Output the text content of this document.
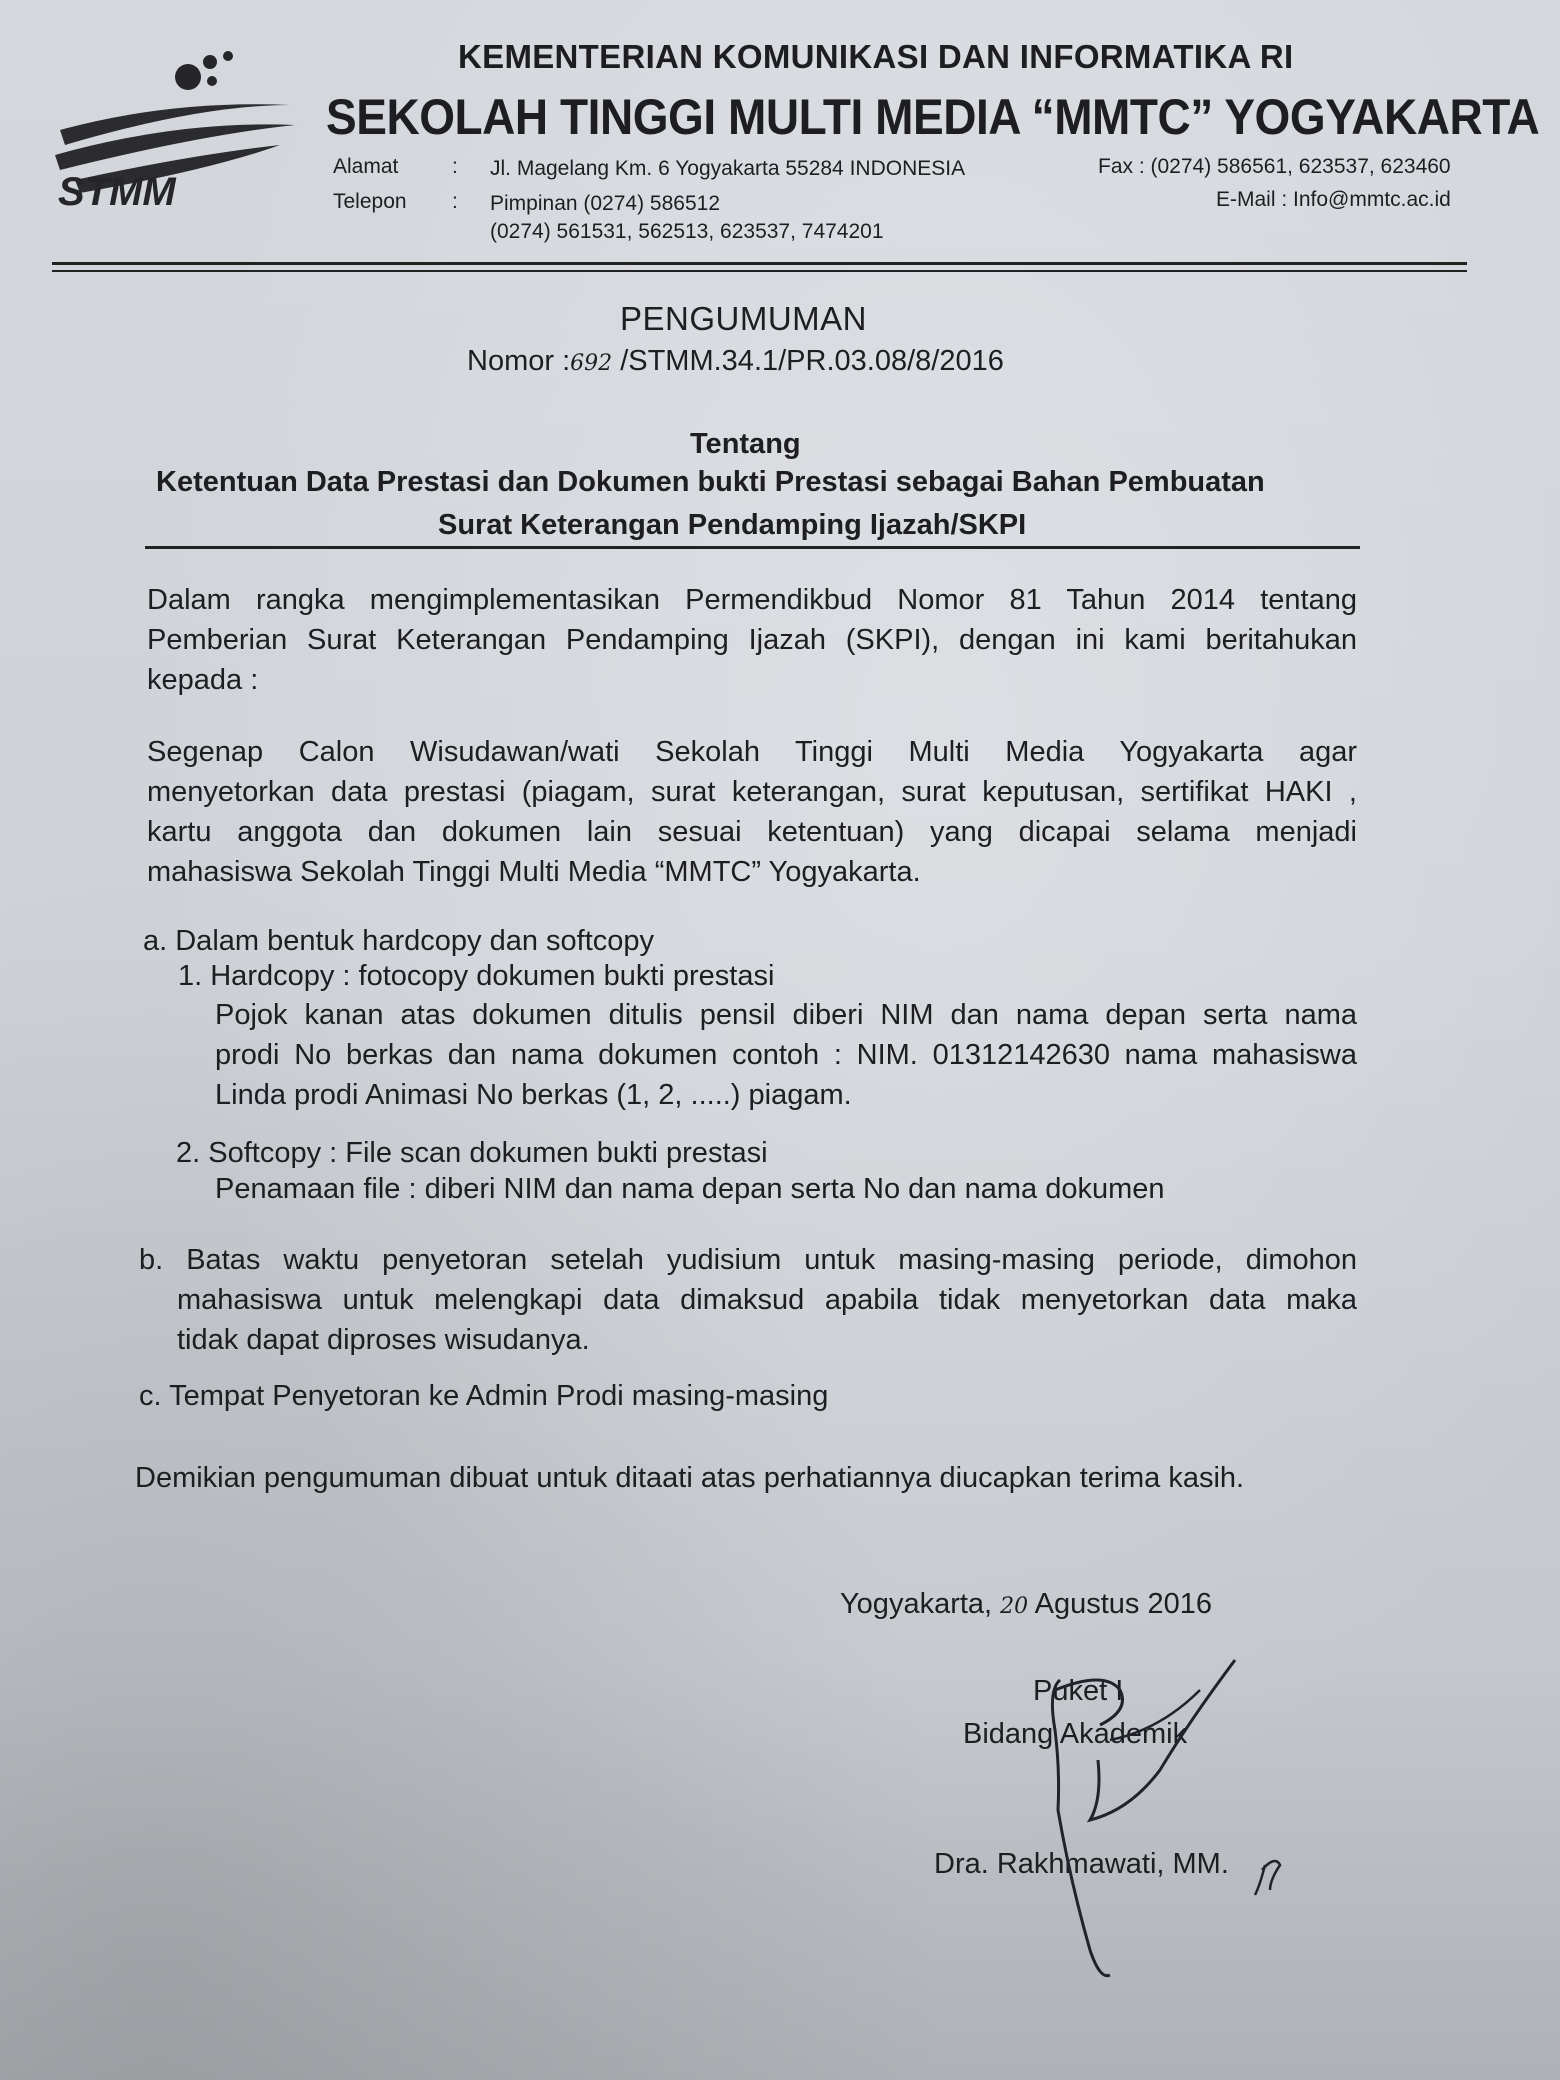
STMM
KEMENTERIAN KOMUNIKASI DAN INFORMATIKA RI
SEKOLAH TINGGI MULTI MEDIA “MMTC” YOGYAKARTA
Alamat	: Jl. Magelang Km. 6 Yogyakarta 55284 INDONESIA
Telepon : Pimpinan (0274) 586512
(0274) 561531, 562513, 623537, 7474201
Fax : (0274) 586561, 623537, 623460
E-Mail : Info@mmtc.ac.id
PENGUMUMAN
Nomor :692 /STMM.34.1/PR.03.08/8/2016
Tentang
Ketentuan Data Prestasi dan Dokumen bukti Prestasi sebagai Bahan Pembuatan
Surat Keterangan Pendamping Ijazah/SKPI
Dalam rangka mengimplementasikan Permendikbud Nomor 81 Tahun 2014 tentang
Pemberian Surat Keterangan Pendamping Ijazah (SKPI), dengan ini kami beritahukan
kepada :
Segenap Calon Wisudawan/wati Sekolah Tinggi Multi Media Yogyakarta agar
menyetorkan data prestasi (piagam, surat keterangan, surat keputusan, sertifikat HAKI ,
kartu anggota dan dokumen lain sesuai ketentuan) yang dicapai selama menjadi
mahasiswa Sekolah Tinggi Multi Media “MMTC” Yogyakarta.
a. Dalam bentuk hardcopy dan softcopy
1. Hardcopy : fotocopy dokumen bukti prestasi
Pojok kanan atas dokumen ditulis pensil diberi NIM dan nama depan serta nama
prodi No berkas dan nama dokumen contoh : NIM. 01312142630 nama mahasiswa
Linda prodi Animasi No berkas (1, 2, .....) piagam.
2. Softcopy : File scan dokumen bukti prestasi
Penamaan file : diberi NIM dan nama depan serta No dan nama dokumen
b. Batas waktu penyetoran setelah yudisium untuk masing-masing periode, dimohon
mahasiswa untuk melengkapi data dimaksud apabila tidak menyetorkan data maka
tidak dapat diproses wisudanya.
c. Tempat Penyetoran ke Admin Prodi masing-masing
Demikian pengumuman dibuat untuk ditaati atas perhatiannya diucapkan terima kasih.
Yogyakarta, 20 Agustus 2016
Puket I
Bidang Akademik
Dra. Rakhmawati, MM.
